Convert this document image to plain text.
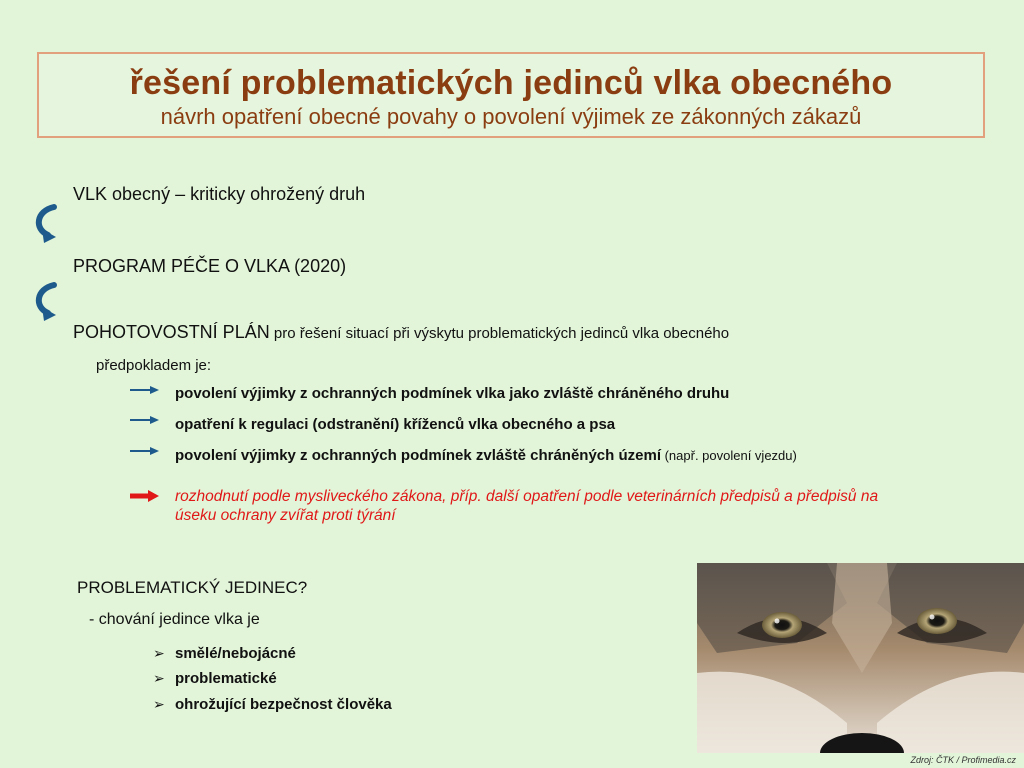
řešení problematických jedinců vlka obecného
návrh opatření obecné povahy o povolení výjimek ze zákonných zákazů
VLK obecný – kriticky ohrožený druh
PROGRAM PÉČE O VLKA (2020)
POHOTOVOSTNÍ PLÁN pro řešení situací při výskytu problematických jedinců vlka obecného
předpokladem je:
povolení výjimky z ochranných podmínek vlka jako zvláště chráněného druhu
opatření k regulaci (odstranění) kříženců vlka obecného a psa
povolení výjimky z ochranných podmínek zvláště chráněných území (např. povolení vjezdu)
rozhodnutí podle mysliveckého zákona, příp. další opatření podle veterinárních předpisů a předpisů na
úseku ochrany zvířat proti týrání
PROBLEMATICKÝ JEDINEC?
- chování jedince vlka je
➢ smělé/nebojácné
➢ problematické
➢ ohrožující bezpečnost člověka
Zdroj: ČTK / Profimedia.cz
